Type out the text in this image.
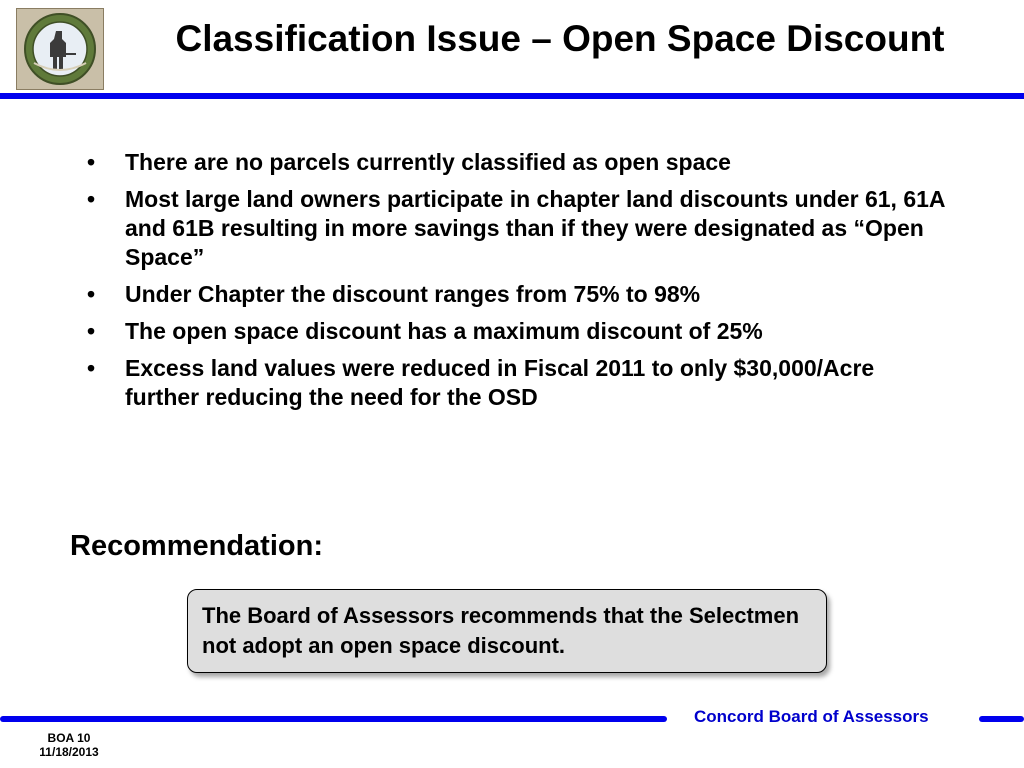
Classification Issue – Open Space Discount
• There are no parcels currently classified as open space
• Most large land owners participate in chapter land discounts under 61, 61A and 61B resulting in more savings than if they were designated as “Open Space”
• Under Chapter the discount ranges from 75% to 98%
• The open space discount has a maximum discount of 25%
• Excess land values were reduced in Fiscal 2011 to only $30,000/Acre further reducing the need for the OSD
Recommendation:
The Board of Assessors recommends that the Selectmen not adopt an open space discount.
Concord Board of Assessors
BOA 10
11/18/2013
